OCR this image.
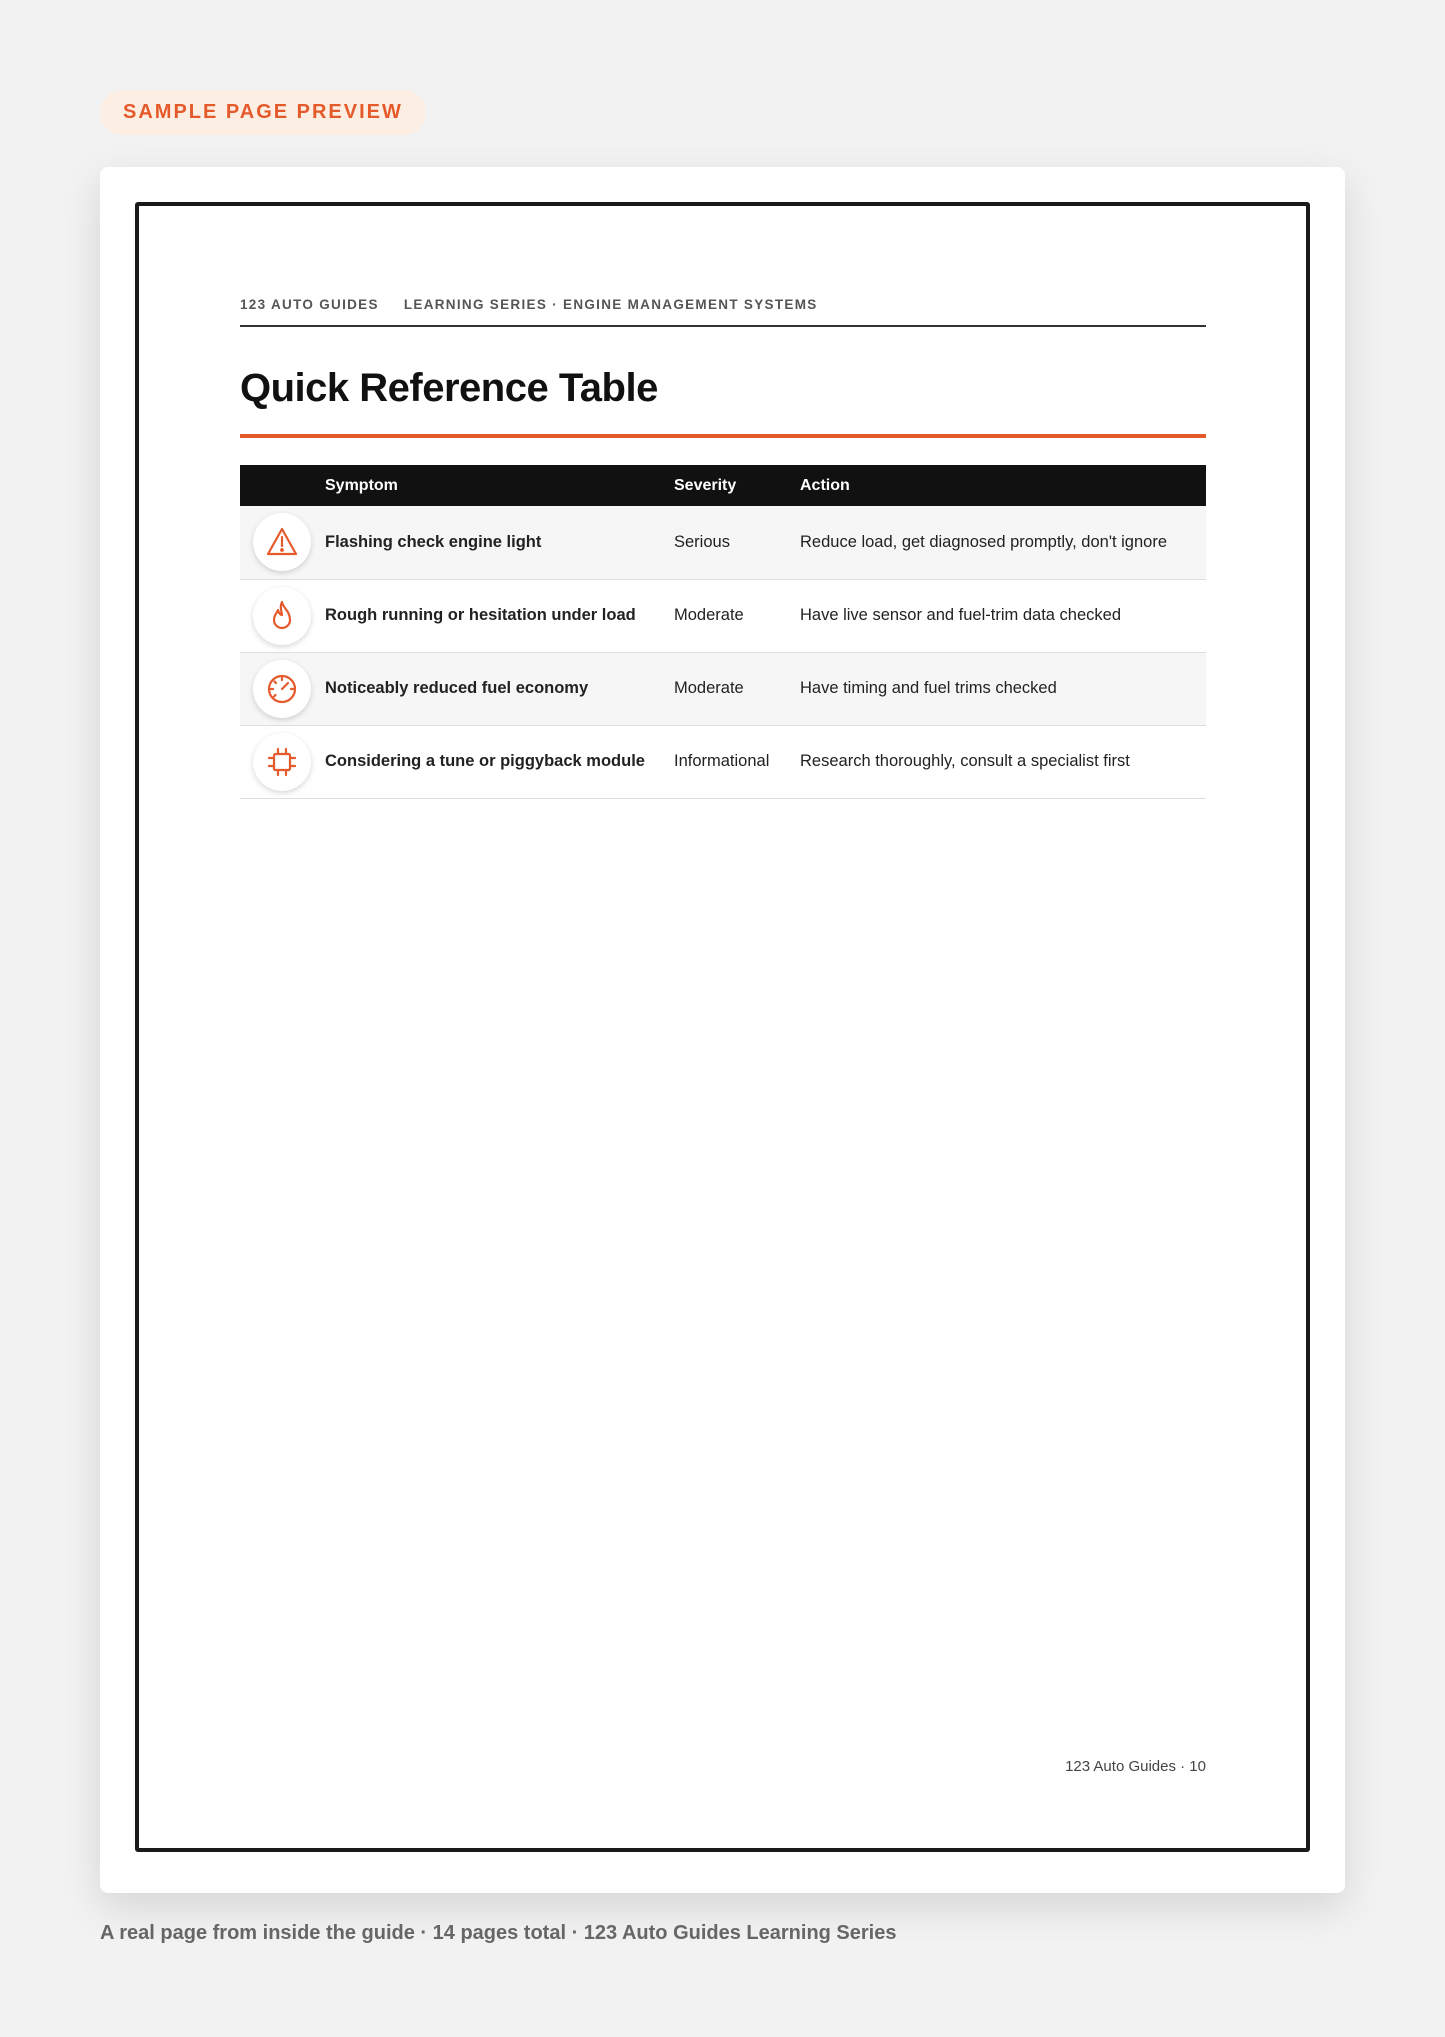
SAMPLE PAGE PREVIEW
123 AUTO GUIDES LEARNING SERIES · ENGINE MANAGEMENT SYSTEMS
Quick Reference Table
	Symptom	Severity	Action

	Flashing check engine light	Serious	Reduce load, get diagnosed promptly, don't ignore

	Rough running or hesitation under load	Moderate	Have live sensor and fuel-trim data checked

	Noticeably reduced fuel economy	Moderate	Have timing and fuel trims checked

	Considering a tune or piggyback module	Informational	Research thoroughly, consult a specialist first
123 Auto Guides · 10
A real page from inside the guide · 14 pages total · 123 Auto Guides Learning Series
